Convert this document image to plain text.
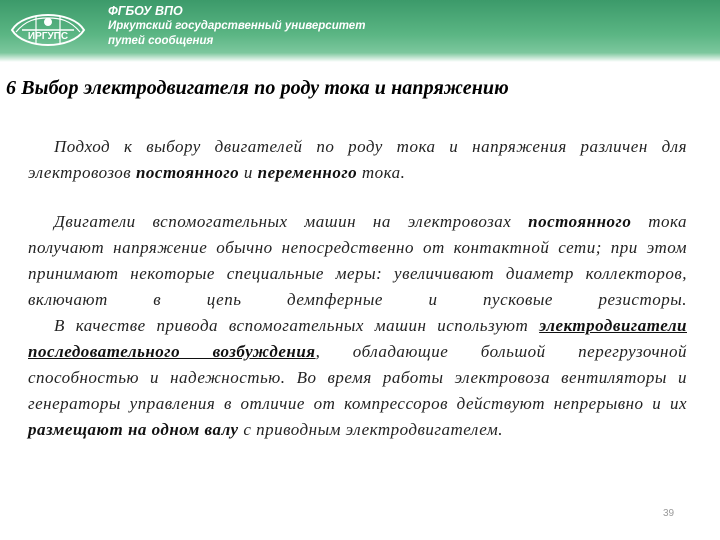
ИРГУПС
ФГБОУ ВПО
Иркутский государственный университет
путей сообщения
6 Выбор электродвигателя по роду тока и напряжению

Подход к выбору двигателей по роду тока и напряжения различен для электровозов постоянного и переменного тока.

Двигатели вспомогательных машин на электровозах постоянного тока получают напряжение обычно непосредственно от контактной сети; при этом принимают некоторые специальные меры: увеличивают диаметр коллекторов, включают в цепь демпферные и пусковые резисторы.

В качестве привода вспомогательных машин используют электродвигатели последовательного возбуждения, обладающие большой перегрузочной способностью и надежностью. Во время работы электровоза вентиляторы и генераторы управления в отличие от компрессоров действуют непрерывно и их размещают на одном валу с приводным электродвигателем.

39
